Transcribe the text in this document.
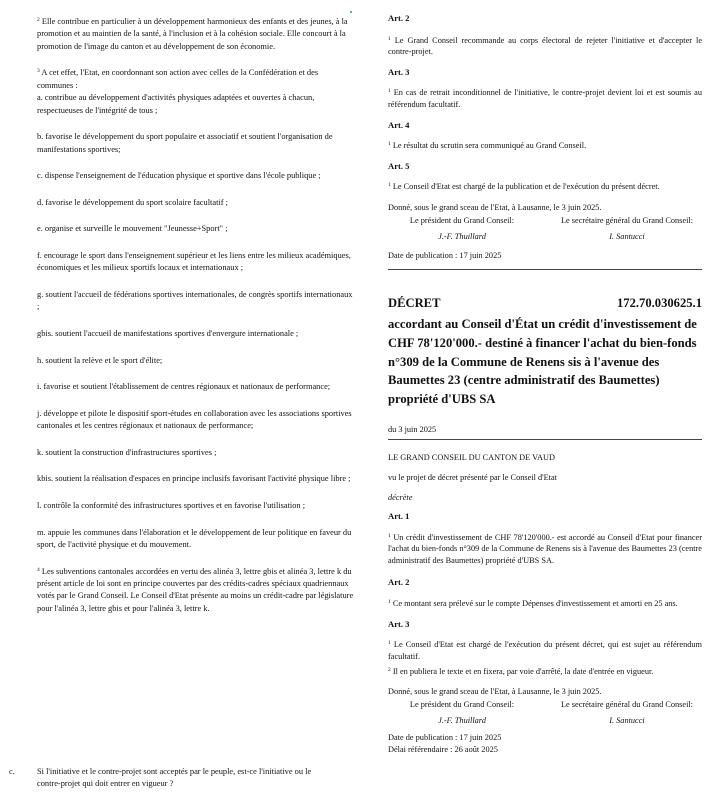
$^2$ Elle contribue en particulier à un développement harmonieux des enfants et des jeunes, à la promotion et au maintien de la santé, à l'inclusion et à la cohésion sociale. Elle concourt à la promotion de l'image du canton et au développement de son économie.

$^3$ A cet effet, l'Etat, en coordonnant son action avec celles de la Confédération et des communes :
a. contribue au développement d'activités physiques adaptées et ouvertes à chacun, respectueuses de l'intégrité de tous ;

b. favorise le développement du sport populaire et associatif et soutient l'organisation de manifestations sportives;

c. dispense l'enseignement de l'éducation physique et sportive dans l'école publique ;

d. favorise le développement du sport scolaire facultatif ;

e. organise et surveille le mouvement "Jeunesse+Sport" ;

f. encourage le sport dans l'enseignement supérieur et les liens entre les milieux académiques, économiques et les milieux sportifs locaux et internationaux ;

g. soutient l'accueil de fédérations sportives internationales, de congrès sportifs internationaux ;

gbis. soutient l'accueil de manifestations sportives d'envergure internationale ;

h. soutient la relève et le sport d'élite;

i. favorise et soutient l'établissement de centres régionaux et nationaux de performance;

j. développe et pilote le dispositif sport-études en collaboration avec les associations sportives cantonales et les centres régionaux et nationaux de performance;

k. soutient la construction d'infrastructures sportives ;

kbis. soutient la réalisation d'espaces en principe inclusifs favorisant l'activité physique libre ;

l. contrôle la conformité des infrastructures sportives et en favorise l'utilisation ;

m. appuie les communes dans l'élaboration et le développement de leur politique en faveur du sport, de l'activité physique et du mouvement.

$^4$ Les subventions cantonales accordées en vertu des alinéa 3, lettre gbis et alinéa 3, lettre k du présent article de loi sont en principe couvertes par des crédits-cadres spéciaux quadriennaux votés par le Grand Conseil. Le Conseil d'Etat présente au moins un crédit-cadre par législature pour l'alinéa 3, lettre gbis et pour l'alinéa 3, lettre k.

c.	Si l'initiative et le contre-projet sont acceptés par le peuple, est-ce l'initiative ou le contre-projet qui doit entrer en vigueur ?

Art. 2

$^1$ Le Grand Conseil recommande au corps électoral de rejeter l'initiative et d'accepter le contre-projet.

Art. 3

$^1$ En cas de retrait inconditionnel de l'initiative, le contre-projet devient loi et est soumis au référendum facultatif.

Art. 4

$^1$ Le résultat du scrutin sera communiqué au Grand Conseil.

Art. 5

$^1$ Le Conseil d'Etat est chargé de la publication et de l'exécution du présent décret.

Donné, sous le grand sceau de l'Etat, à Lausanne, le 3 juin 2025.

Le président du Grand Conseil:	Le secrétaire général du Grand Conseil:
J.-F. Thuillard	I. Santucci

Date de publication : 17 juin 2025

DÉCRET	172.70.030625.1
accordant au Conseil d'État un crédit d'investissement de CHF 78'120'000.- destiné à financer l'achat du bien-fonds n°309 de la Commune de Renens sis à l'avenue des Baumettes 23 (centre administratif des Baumettes) propriété d'UBS SA

du 3 juin 2025

LE GRAND CONSEIL DU CANTON DE VAUD

vu le projet de décret présenté par le Conseil d'Etat

décrète

Art. 1

$^1$ Un crédit d'investissement de CHF 78'120'000.- est accordé au Conseil d'Etat pour financer l'achat du bien-fonds n°309 de la Commune de Renens sis à l'avenue des Baumettes 23 (centre administratif des Baumettes) propriété d'UBS SA.

Art. 2

$^1$ Ce montant sera prélevé sur le compte Dépenses d'investissement et amorti en 25 ans.

Art. 3

$^1$ Le Conseil d'Etat est chargé de l'exécution du présent décret, qui est sujet au référendum facultatif.

$^2$ Il en publiera le texte et en fixera, par voie d'arrêté, la date d'entrée en vigueur.

Donné, sous le grand sceau de l'Etat, à Lausanne, le 3 juin 2025.

Le président du Grand Conseil:	Le secrétaire général du Grand Conseil:
J.-F. Thuillard	I. Santucci

Date de publication : 17 juin 2025

Délai référendaire : 26 août 2025
